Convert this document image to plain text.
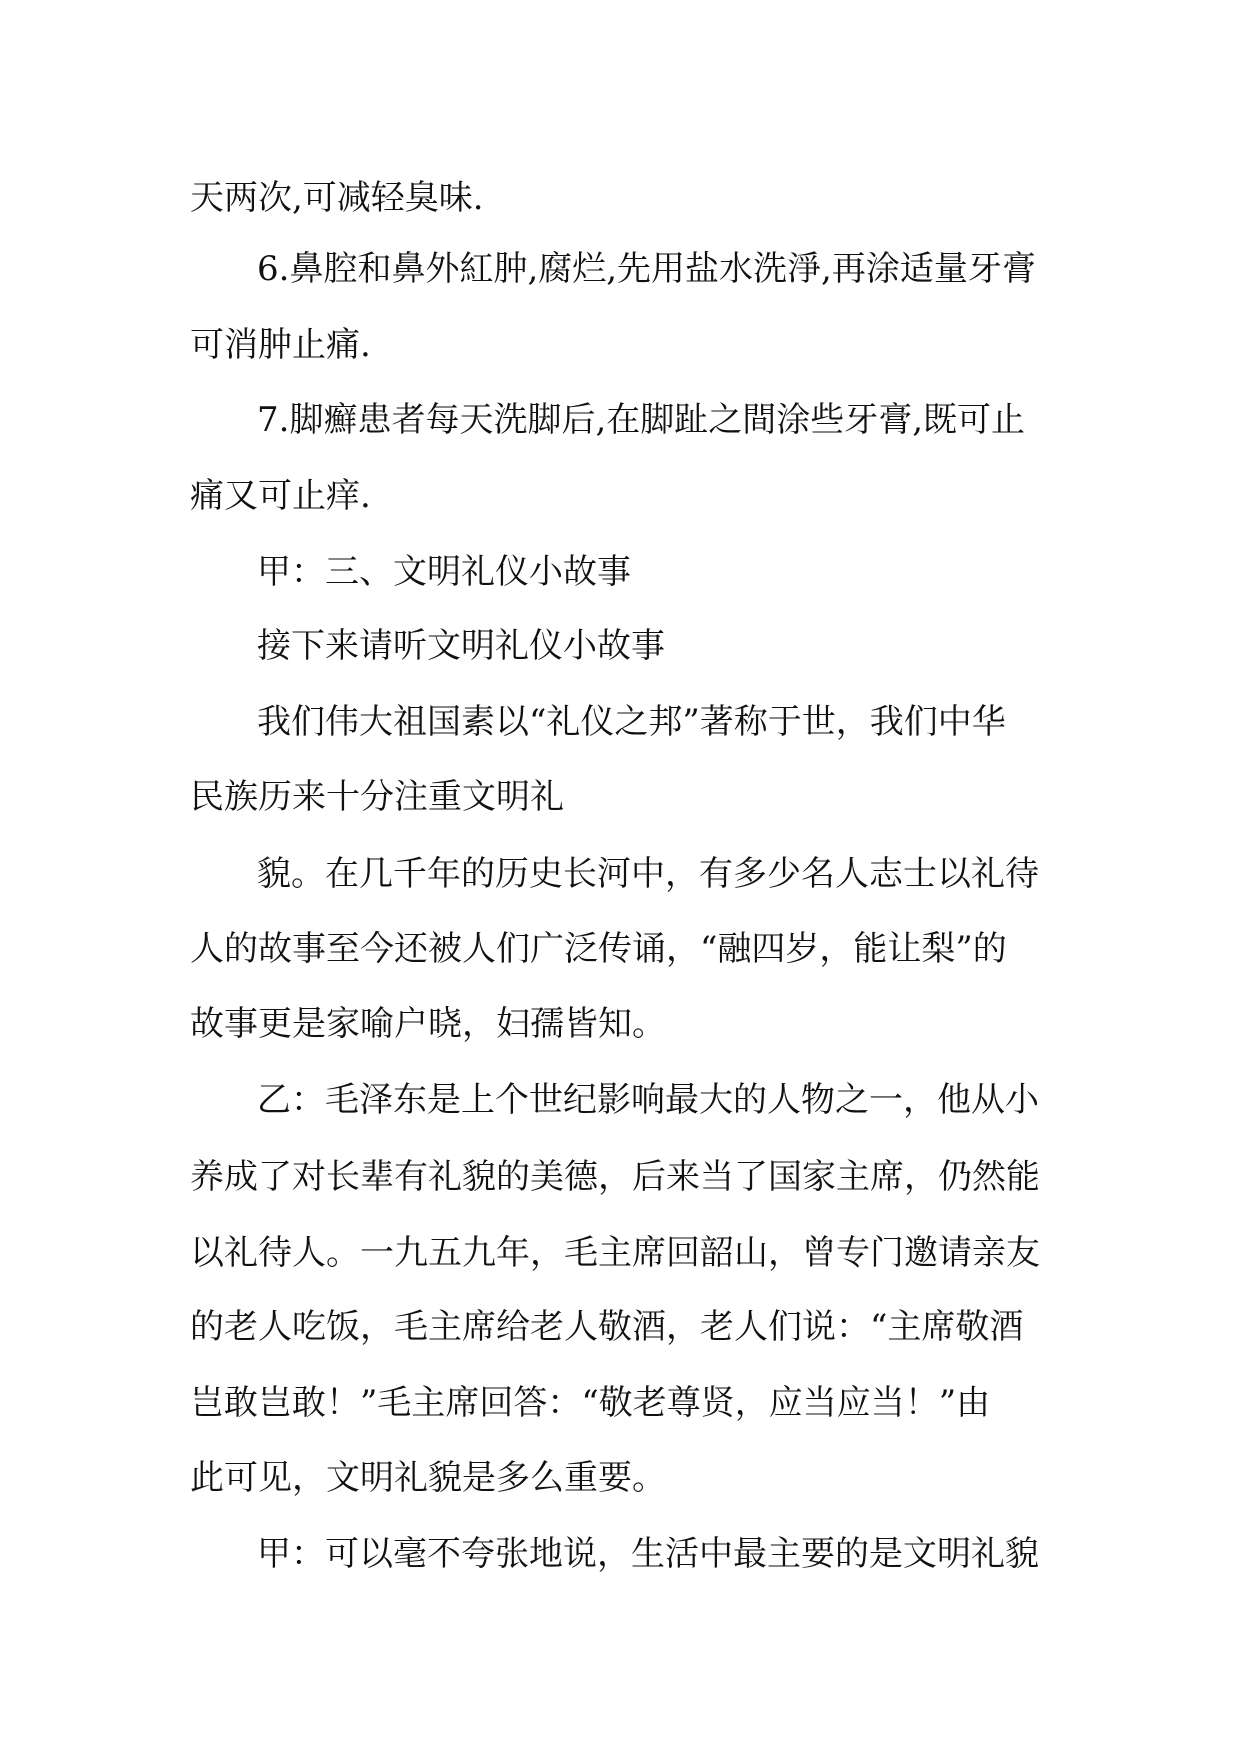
天两次,可减轻臭味.

6.鼻腔和鼻外紅肿,腐烂,先用盐水洗淨,再涂适量牙膏

可消肿止痛.

7.脚癬患者每天洗脚后,在脚趾之間涂些牙膏,既可止

痛又可止痒.

甲：三、文明礼仪小故事

接下来请听文明礼仪小故事

我们伟大祖国素以“礼仪之邦”著称于世，我们中华

民族历来十分注重文明礼

貌。在几千年的历史长河中，有多少名人志士以礼待

人的故事至今还被人们广泛传诵，“融四岁，能让梨”的

故事更是家喻户晓，妇孺皆知。

乙：毛泽东是上个世纪影响最大的人物之一，他从小

养成了对长辈有礼貌的美德，后来当了国家主席，仍然能

以礼待人。一九五九年，毛主席回韶山，曾专门邀请亲友

的老人吃饭，毛主席给老人敬酒，老人们说：“主席敬酒

岂敢岂敢！”毛主席回答：“敬老尊贤，应当应当！”由

此可见，文明礼貌是多么重要。

甲：可以毫不夸张地说，生活中最主要的是文明礼貌
